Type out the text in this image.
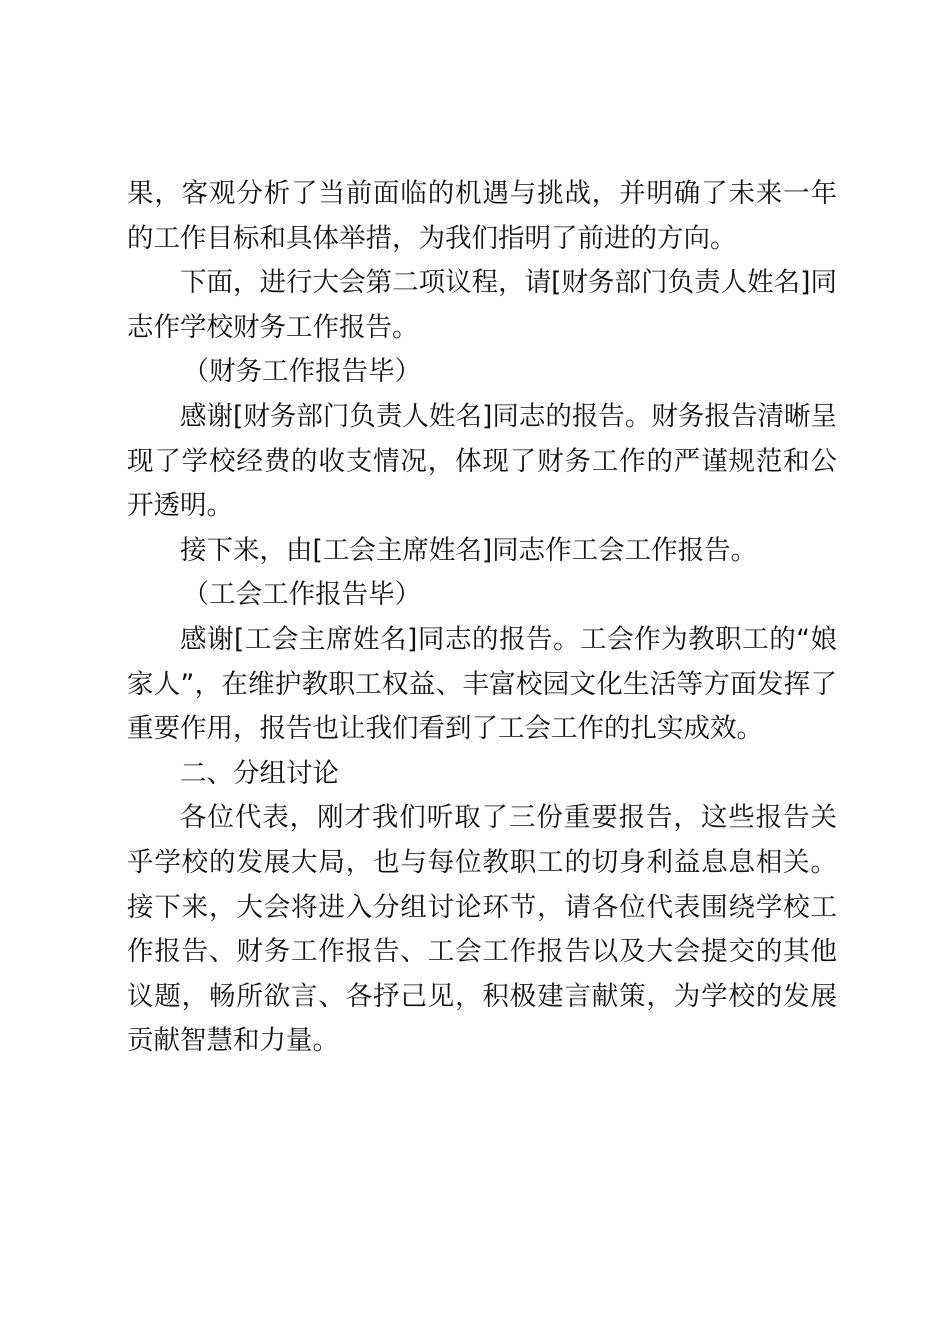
果，客观分析了当前面临的机遇与挑战，并明确了未来一年的工作目标和具体举措，为我们指明了前进的方向。

下面，进行大会第二项议程，请[财务部门负责人姓名]同志作学校财务工作报告。

（财务工作报告毕）

感谢[财务部门负责人姓名]同志的报告。财务报告清晰呈现了学校经费的收支情况，体现了财务工作的严谨规范和公开透明。

接下来，由[工会主席姓名]同志作工会工作报告。

（工会工作报告毕）

感谢[工会主席姓名]同志的报告。工会作为教职工的“娘家人”，在维护教职工权益、丰富校园文化生活等方面发挥了重要作用，报告也让我们看到了工会工作的扎实成效。

二、分组讨论

各位代表，刚才我们听取了三份重要报告，这些报告关乎学校的发展大局，也与每位教职工的切身利益息息相关。接下来，大会将进入分组讨论环节，请各位代表围绕学校工作报告、财务工作报告、工会工作报告以及大会提交的其他议题，畅所欲言、各抒己见，积极建言献策，为学校的发展贡献智慧和力量。
